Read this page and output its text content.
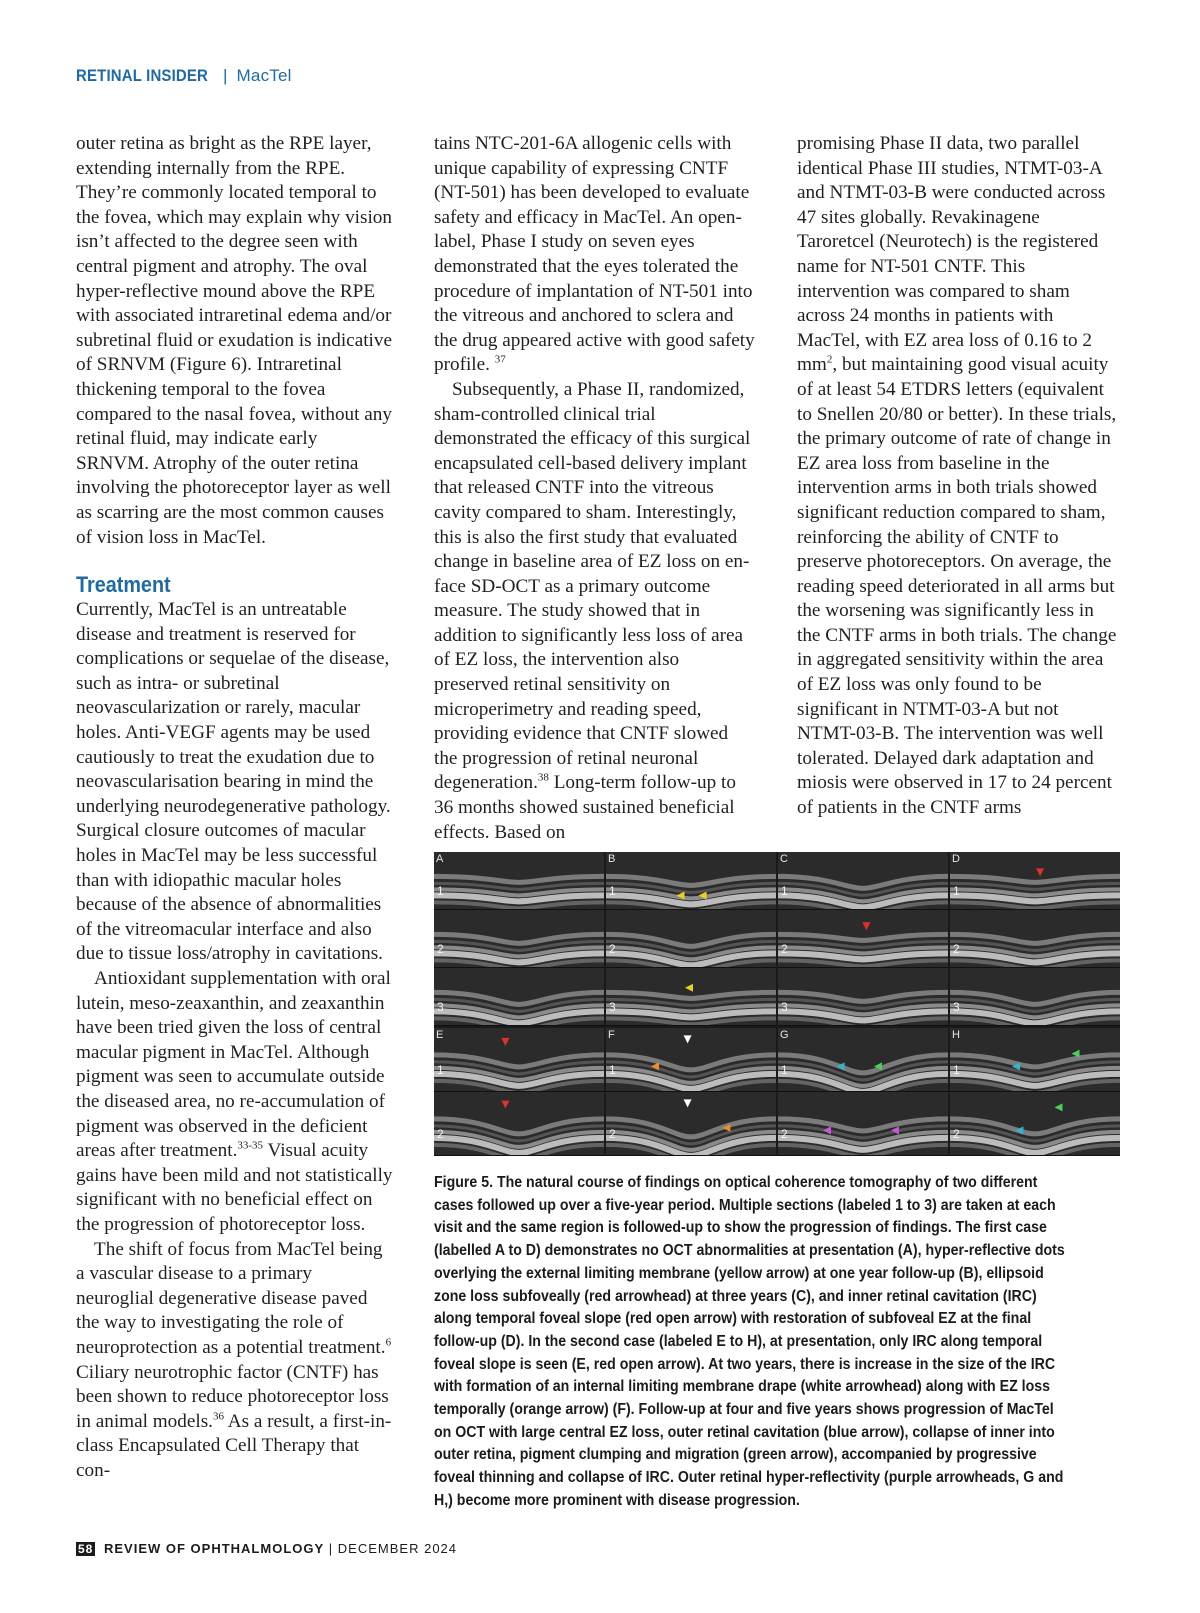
RETINAL INSIDER | MacTel

outer retina as bright as the RPE layer, extending internally from the RPE. They’re commonly located temporal to the fovea, which may explain why vision isn’t affected to the degree seen with central pigment and atrophy. The oval hyper-reflective mound above the RPE with associated intraretinal edema and/or subretinal fluid or exudation is indicative of SRNVM (Figure 6). Intraretinal thickening temporal to the fovea compared to the nasal fovea, without any retinal fluid, may indicate early SRNVM. Atrophy of the outer retina involving the photoreceptor layer as well as scarring are the most common causes of vision loss in MacTel.

Treatment

Currently, MacTel is an untreatable disease and treatment is reserved for complications or sequelae of the disease, such as intra- or subretinal neovascularization or rarely, macular holes. Anti-VEGF agents may be used cautiously to treat the exudation due to neovascularisation bearing in mind the underlying neurodegenerative pathology. Surgical closure outcomes of macular holes in MacTel may be less successful than with idiopathic macular holes because of the absence of abnormalities of the vitreomacular interface and also due to tissue loss/atrophy in cavitations.

Antioxidant supplementation with oral lutein, meso-zeaxanthin, and zeaxanthin have been tried given the loss of central macular pigment in MacTel. Although pigment was seen to accumulate outside the diseased area, no re-accumulation of pigment was observed in the deficient areas after treatment.$^{33-35}$ Visual acuity gains have been mild and not statistically significant with no beneficial effect on the progression of photoreceptor loss.

The shift of focus from MacTel being a vascular disease to a primary neuroglial degenerative disease paved the way to investigating the role of neuroprotection as a potential treatment.$^6$ Ciliary neurotrophic factor (CNTF) has been shown to reduce photoreceptor loss in animal models.$^{36}$ As a result, a first-in-class Encapsulated Cell Therapy that con-

tains NTC-201-6A allogenic cells with unique capability of expressing CNTF (NT-501) has been developed to evaluate safety and efficacy in MacTel. An open-label, Phase I study on seven eyes demonstrated that the eyes tolerated the procedure of implantation of NT-501 into the vitreous and anchored to sclera and the drug appeared active with good safety profile. $^{37}$

Subsequently, a Phase II, randomized, sham-controlled clinical trial demonstrated the efficacy of this surgical encapsulated cell-based delivery implant that released CNTF into the vitreous cavity compared to sham. Interestingly, this is also the first study that evaluated change in baseline area of EZ loss on en-face SD-OCT as a primary outcome measure. The study showed that in addition to significantly less loss of area of EZ loss, the intervention also preserved retinal sensitivity on microperimetry and reading speed, providing evidence that CNTF slowed the progression of retinal neuronal degeneration.$^{38}$ Long-term follow-up to 36 months showed sustained beneficial effects. Based on

promising Phase II data, two parallel identical Phase III studies, NTMT-03-A and NTMT-03-B were conducted across 47 sites globally. Revakinagene Taroretcel (Neurotech) is the registered name for NT-501 CNTF. This intervention was compared to sham across 24 months in patients with MacTel, with EZ area loss of 0.16 to 2 $mm^2$, but maintaining good visual acuity of at least 54 ETDRS letters (equivalent to Snellen 20/80 or better). In these trials, the primary outcome of rate of change in EZ area loss from baseline in the intervention arms in both trials showed significant reduction compared to sham, reinforcing the ability of CNTF to preserve photoreceptors. On average, the reading speed deteriorated in all arms but the worsening was significantly less in the CNTF arms in both trials. The change in aggregated sensitivity within the area of EZ loss was only found to be significant in NTMT-03-A but not NTMT-03-B. The intervention was well tolerated. Delayed dark adaptation and miosis were observed in 17 to 24 percent of patients in the CNTF arms

A
1
2
3
B
1
2
3
C
1
2
3
D
1
2
3
E
1
2
F
1
2
G
1
2
H
1
2
Figure 5. The natural course of findings on optical coherence tomography of two different cases followed up over a five-year period. Multiple sections (labeled 1 to 3) are taken at each visit and the same region is followed-up to show the progression of findings. The first case (labelled A to D) demonstrates no OCT abnormalities at presentation (A), hyper-reflective dots overlying the external limiting membrane (yellow arrow) at one year follow-up (B), ellipsoid zone loss subfoveally (red arrowhead) at three years (C), and inner retinal cavitation (IRC) along temporal foveal slope (red open arrow) with restoration of subfoveal EZ at the final follow-up (D). In the second case (labeled E to H), at presentation, only IRC along temporal foveal slope is seen (E, red open arrow). At two years, there is increase in the size of the IRC with formation of an internal limiting membrane drape (white arrowhead) along with EZ loss temporally (orange arrow) (F). Follow-up at four and five years shows progression of MacTel on OCT with large central EZ loss, outer retinal cavitation (blue arrow), collapse of inner into outer retina, pigment clumping and migration (green arrow), accompanied by progressive foveal thinning and collapse of IRC. Outer retinal hyper-reflectivity (purple arrowheads, G and H,) become more prominent with disease progression.
58 REVIEW OF OPHTHALMOLOGY | DECEMBER 2024
